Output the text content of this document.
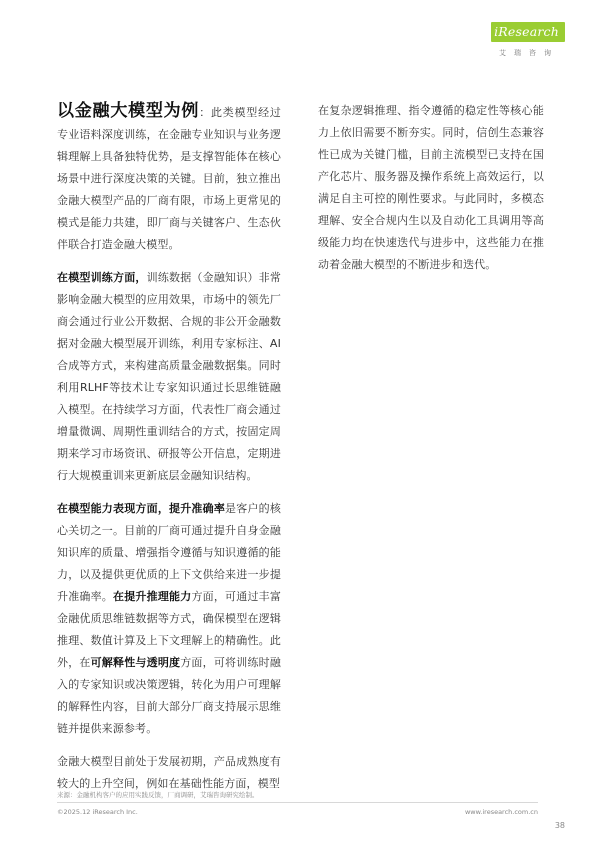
iResearch
艾瑞咨询

以金融大模型为例：此类模型经过专业语料深度训练，在金融专业知识与业务逻辑理解上具备独特优势，是支撑智能体在核心场景中进行深度决策的关键。目前，独立推出金融大模型产品的厂商有限，市场上更常见的模式是能力共建，即厂商与关键客户、生态伙伴联合打造金融大模型。

在模型训练方面，训练数据（金融知识）非常影响金融大模型的应用效果，市场中的领先厂商会通过行业公开数据、合规的非公开金融数据对金融大模型展开训练，利用专家标注、AI合成等方式，来构建高质量金融数据集。同时利用RLHF等技术让专家知识通过长思维链融入模型。在持续学习方面，代表性厂商会通过增量微调、周期性重训结合的方式，按固定周期来学习市场资讯、研报等公开信息，定期进行大规模重训来更新底层金融知识结构。

在模型能力表现方面，提升准确率是客户的核心关切之一。目前的厂商可通过提升自身金融知识库的质量、增强指令遵循与知识遵循的能力，以及提供更优质的上下文供给来进一步提升准确率。在提升推理能力方面，可通过丰富金融优质思维链数据等方式，确保模型在逻辑推理、数值计算及上下文理解上的精确性。此外，在可解释性与透明度方面，可将训练时融入的专家知识或决策逻辑，转化为用户可理解的解释性内容，目前大部分厂商支持展示思维链并提供来源参考。

金融大模型目前处于发展初期，产品成熟度有较大的上升空间，例如在基础性能方面，模型

在复杂逻辑推理、指令遵循的稳定性等核心能力上依旧需要不断夯实。同时，信创生态兼容性已成为关键门槛，目前主流模型已支持在国产化芯片、服务器及操作系统上高效运行，以满足自主可控的刚性要求。与此同时，多模态理解、安全合规内生以及自动化工具调用等高级能力均在快速迭代与进步中，这些能力在推动着金融大模型的不断进步和迭代。

来源：金融机构客户的应用实践反馈，厂商调研，艾瑞咨询研究绘制。
©2025.12 iResearch Inc.	www.iresearch.com.cn
38
